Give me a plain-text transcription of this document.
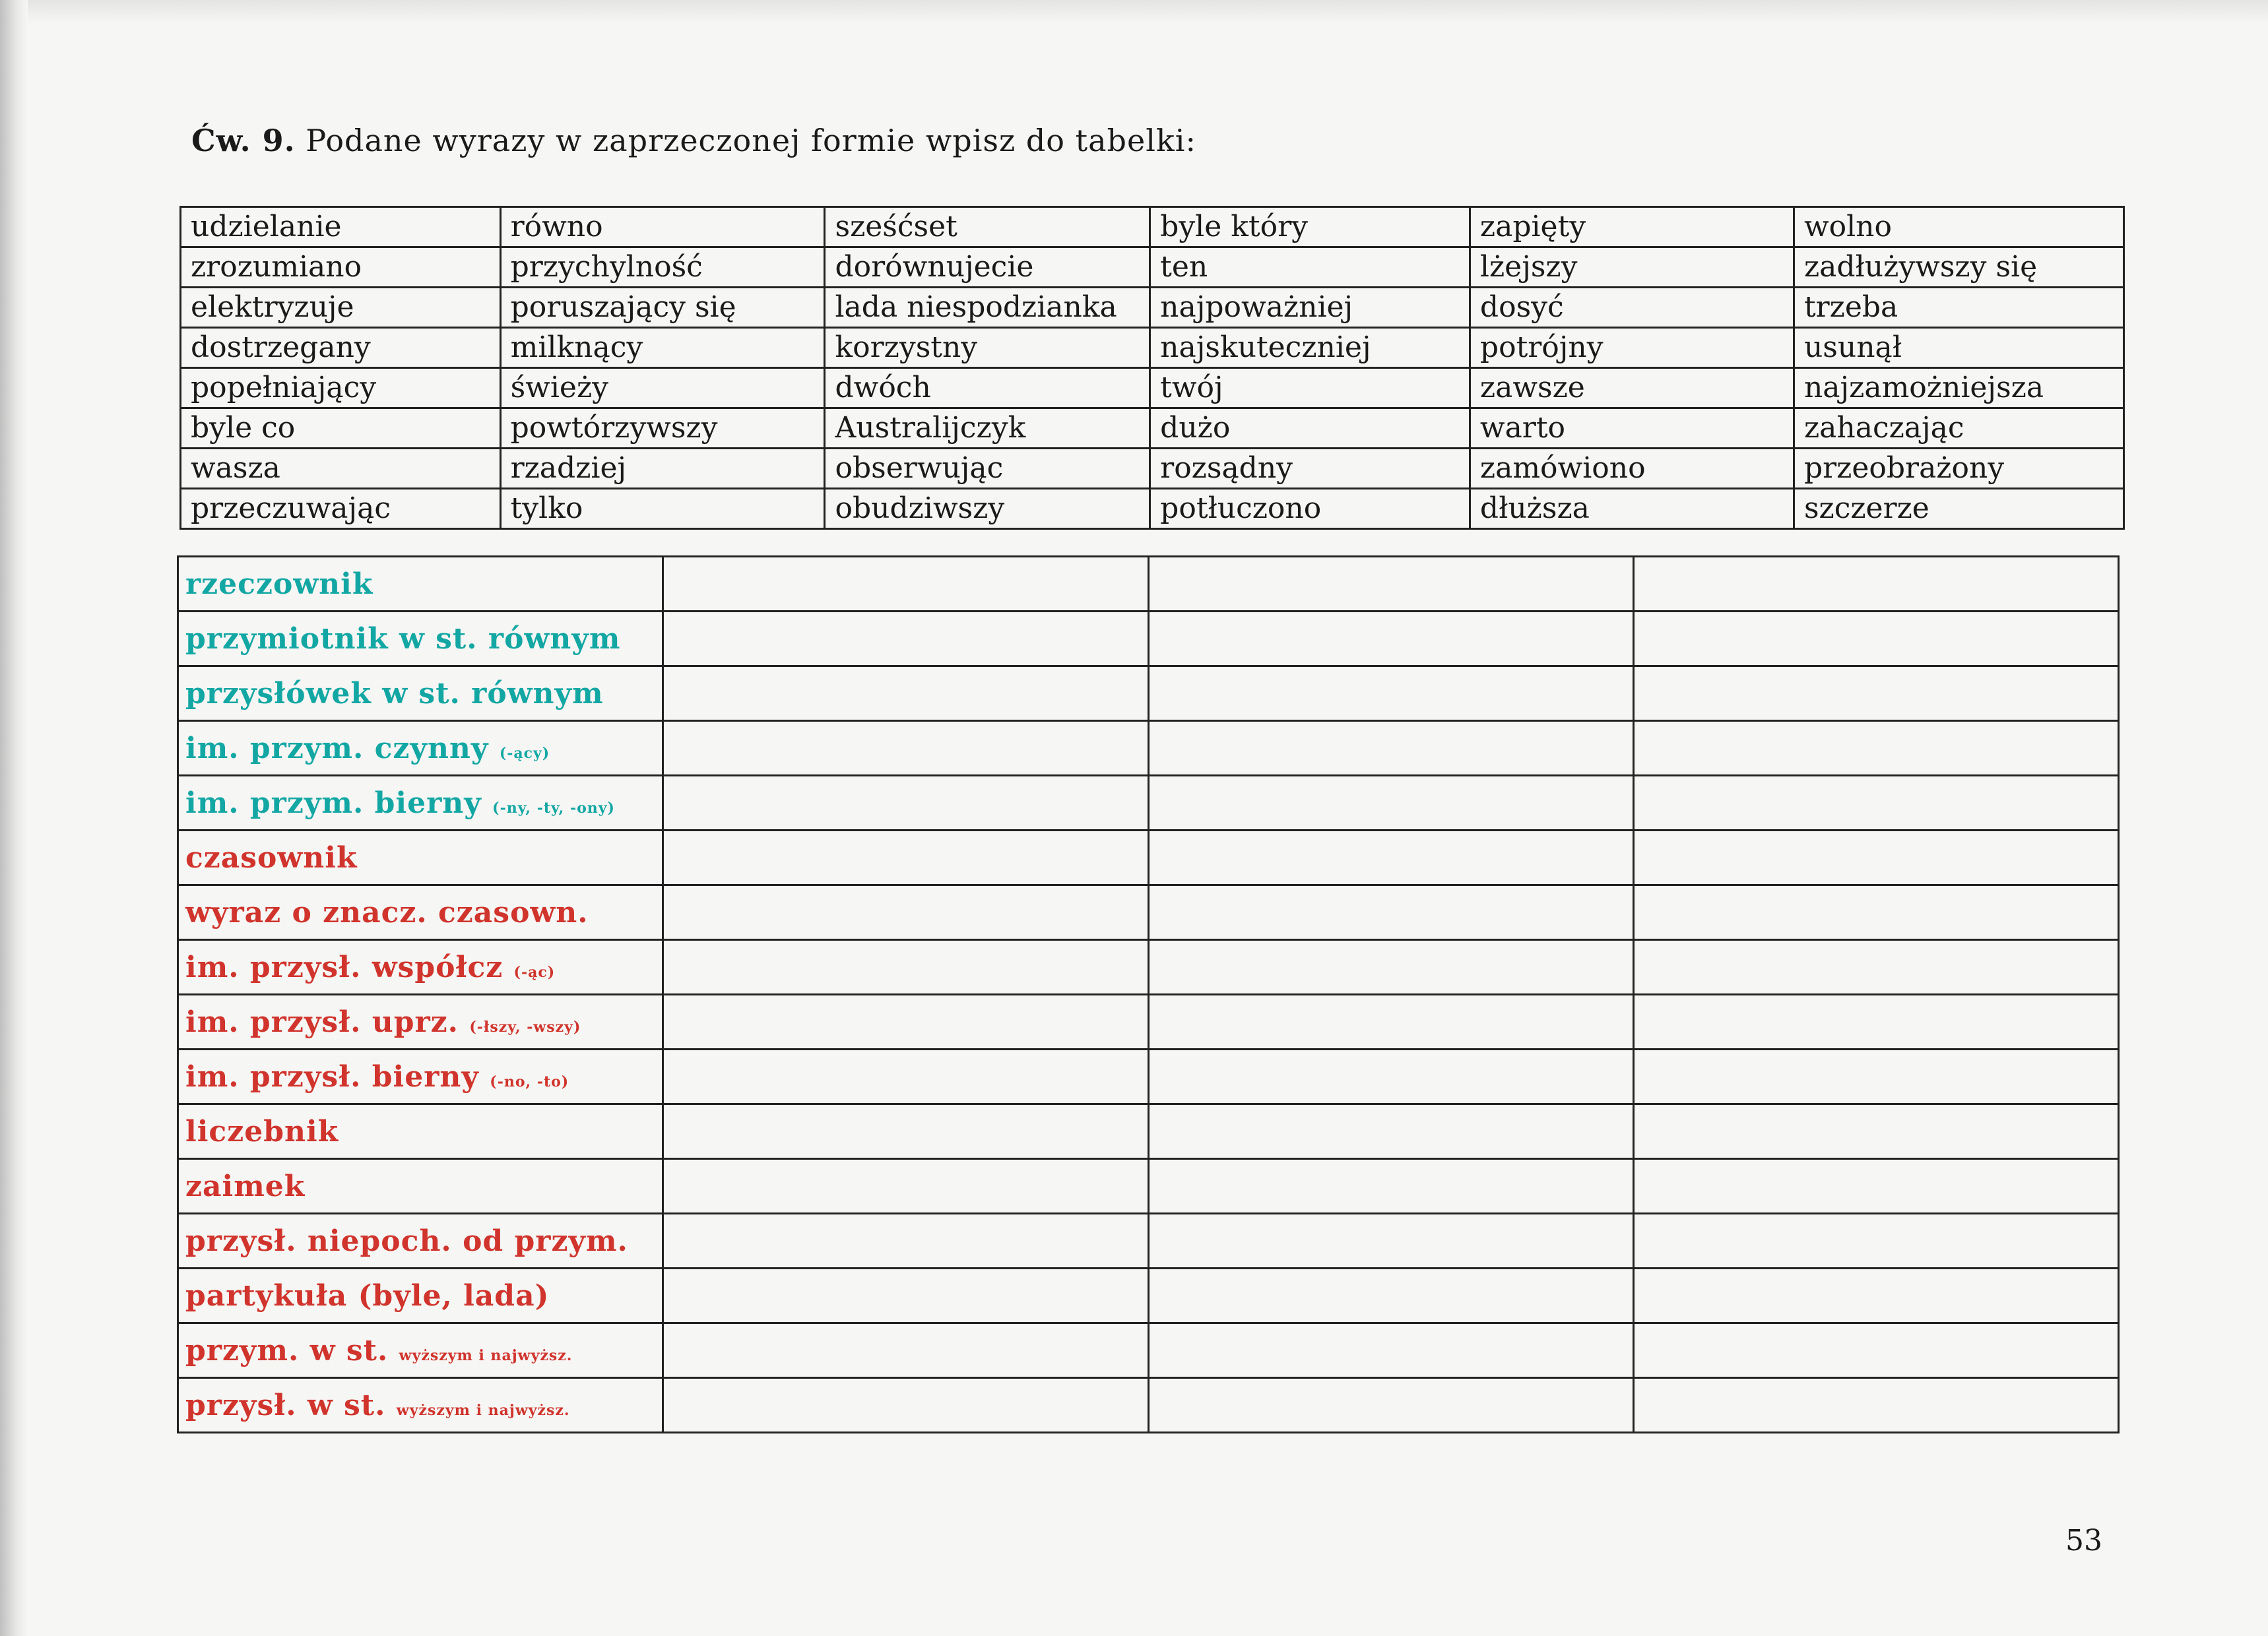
Ćw. 9. Podane wyrazy w zaprzeczonej formie wpisz do tabelki:
udzielanie	równo	sześćset	byle który	zapięty	wolno
zrozumiano	przychylność	dorównujecie	ten	lżejszy	zadłużywszy się
elektryzuje	poruszający się	lada niespodzianka	najpoważniej	dosyć	trzeba
dostrzegany	milknący	korzystny	najskuteczniej	potrójny	usunął
popełniający	świeży	dwóch	twój	zawsze	najzamożniejsza
byle co	powtórzywszy	Australijczyk	dużo	warto	zahaczając
wasza	rzadziej	obserwując	rozsądny	zamówiono	przeobrażony
przeczuwając	tylko	obudziwszy	potłuczono	dłuższa	szczerze
rzeczownik			
przymiotnik w st. równym			
przysłówek w st. równym			
im. przym. czynny (-ący)			
im. przym. bierny (-ny, -ty, -ony)			
czasownik			
wyraz o znacz. czasown.			
im. przysł. współcz (-ąc)			
im. przysł. uprz. (-łszy, -wszy)			
im. przysł. bierny (-no, -to)			
liczebnik			
zaimek			
przysł. niepoch. od przym.			
partykuła (byle, lada)			
przym. w st. wyższym i najwyższ.			
przysł. w st. wyższym i najwyższ.			
53
